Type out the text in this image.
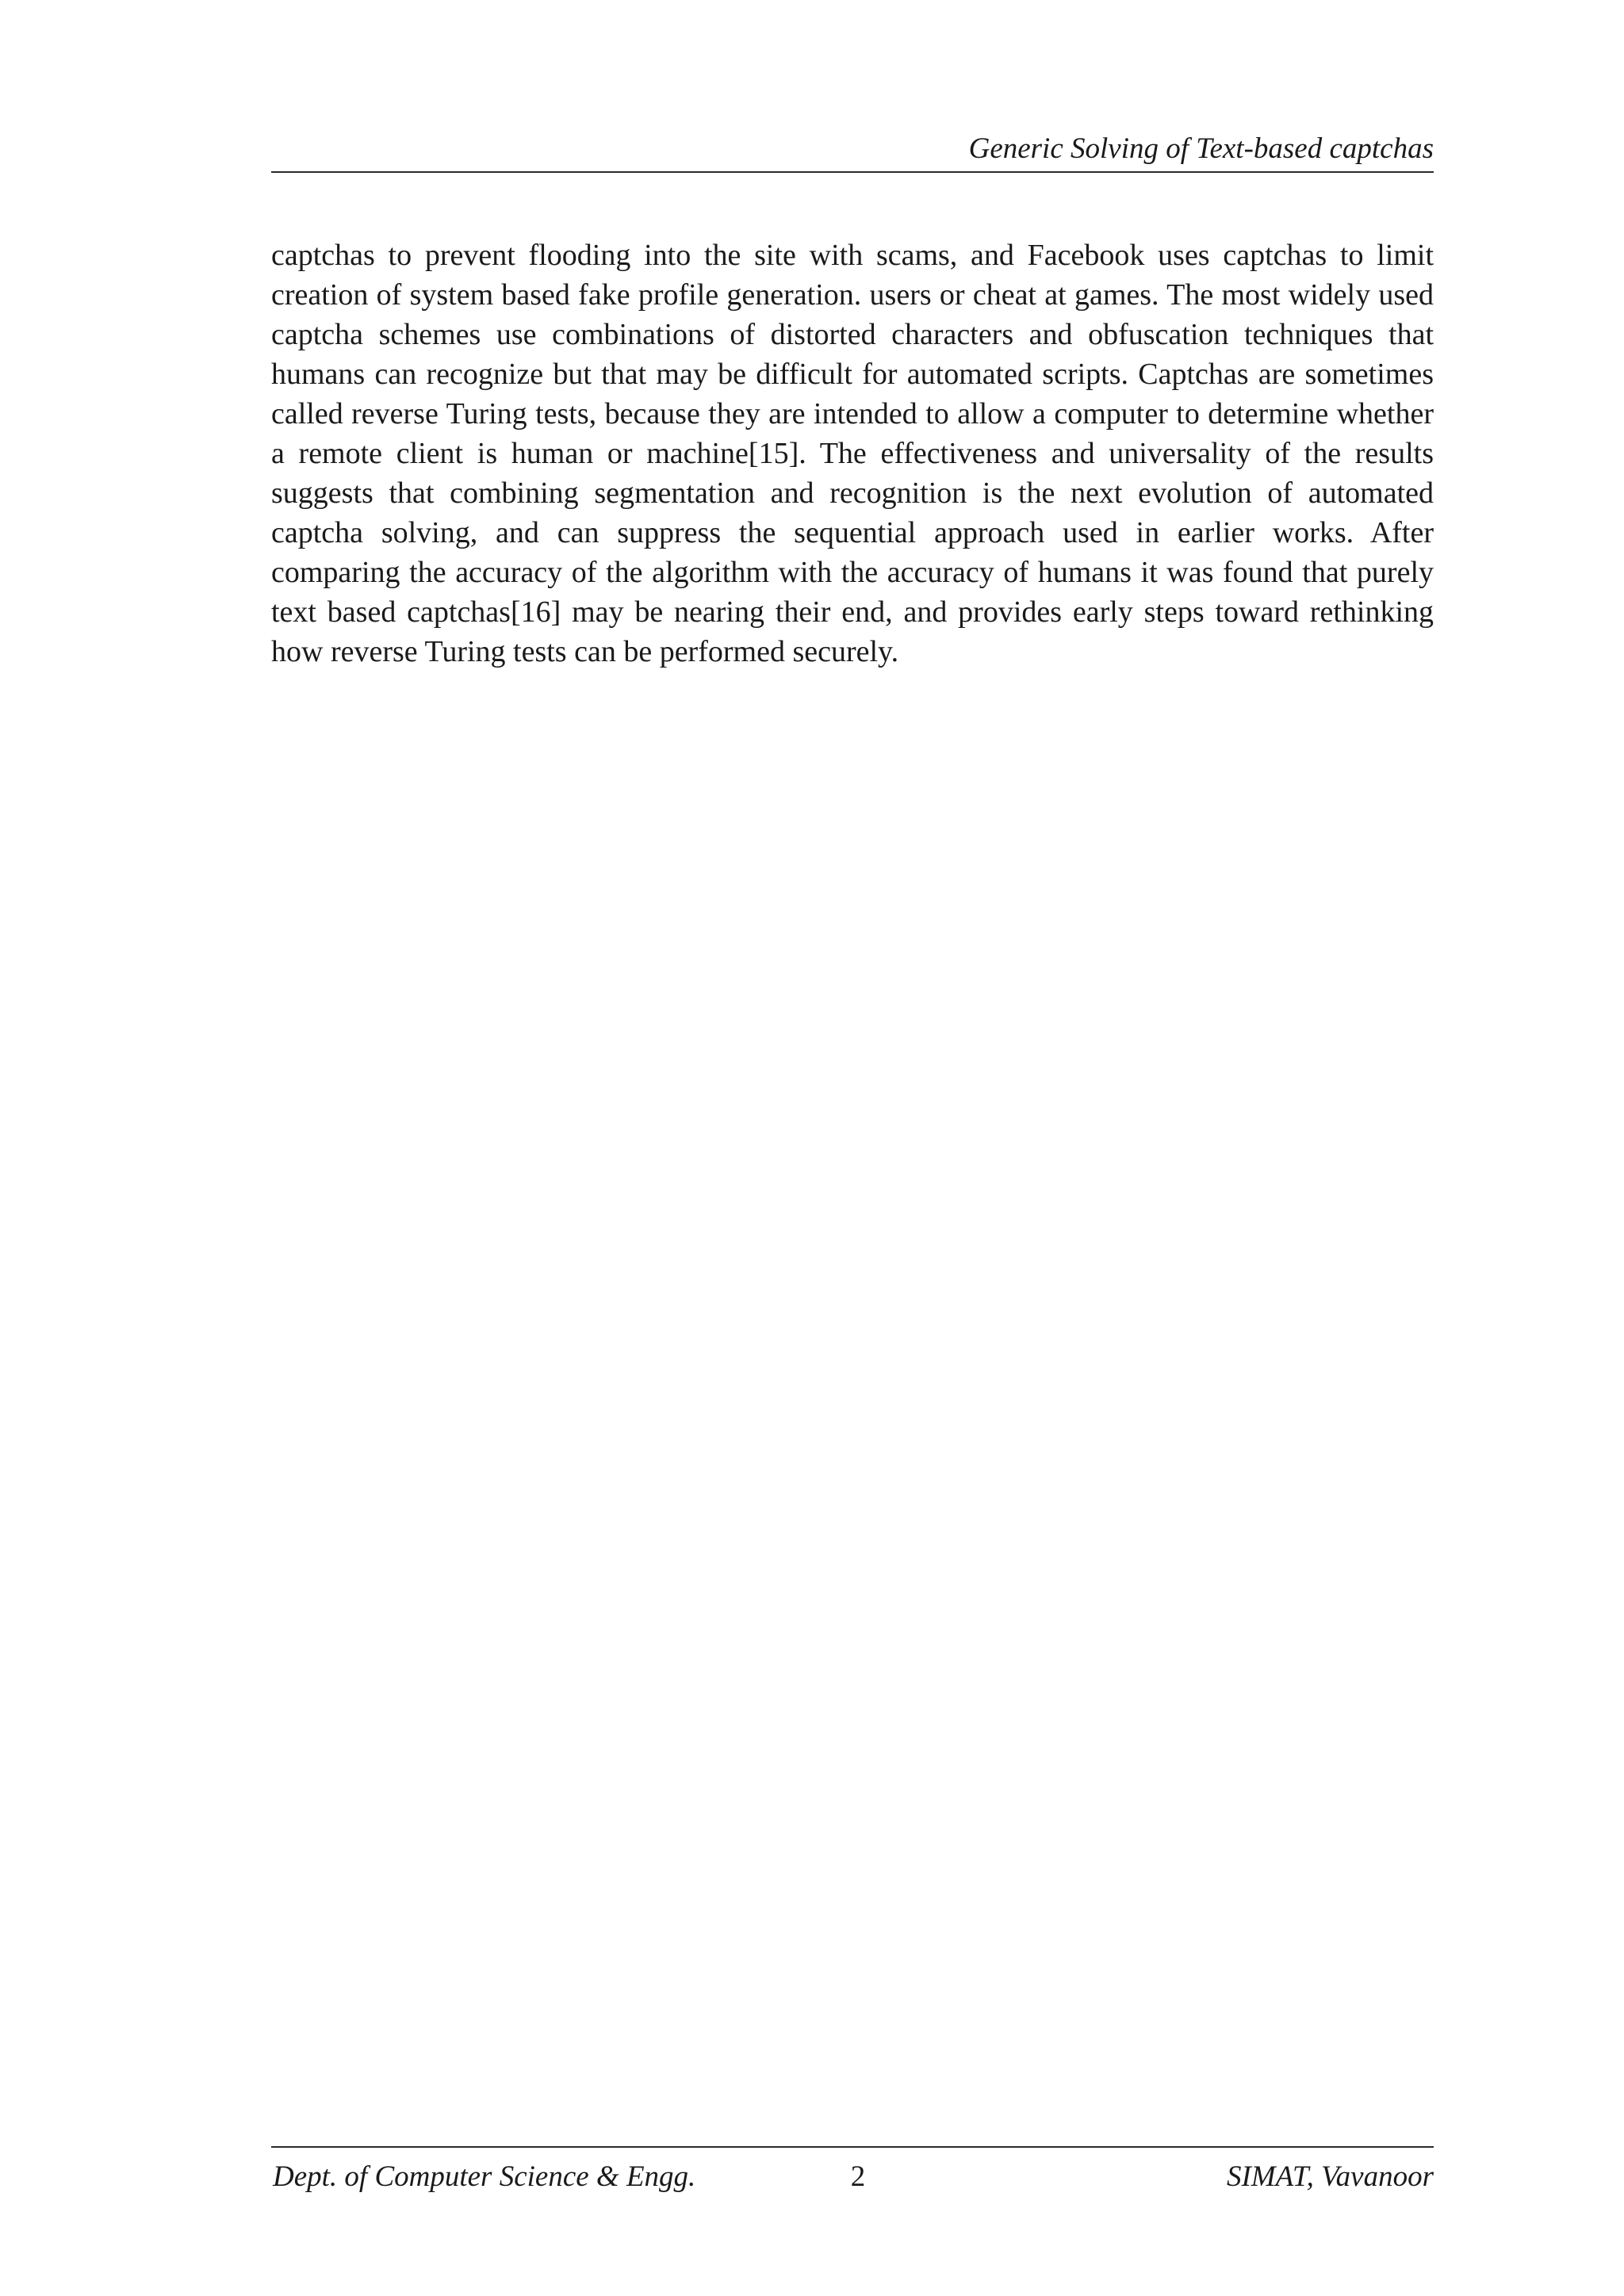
Generic Solving of Text-based captchas

captchas to prevent flooding into the site with scams, and Facebook uses captchas to limit creation of system based fake profile generation. users or cheat at games. The most widely used captcha schemes use combinations of distorted characters and obfuscation techniques that humans can recognize but that may be difficult for automated scripts. Captchas are sometimes called reverse Turing tests, because they are intended to allow a computer to determine whether a remote client is human or machine[15]. The effectiveness and universality of the results suggests that combining segmentation and recognition is the next evolution of automated captcha solving, and can suppress the sequential approach used in earlier works. After comparing the accuracy of the algorithm with the accuracy of humans it was found that purely text based captchas[16] may be nearing their end, and provides early steps toward rethinking how reverse Turing tests can be performed securely.

Dept. of Computer Science & Engg.	2	SIMAT, Vavanoor
